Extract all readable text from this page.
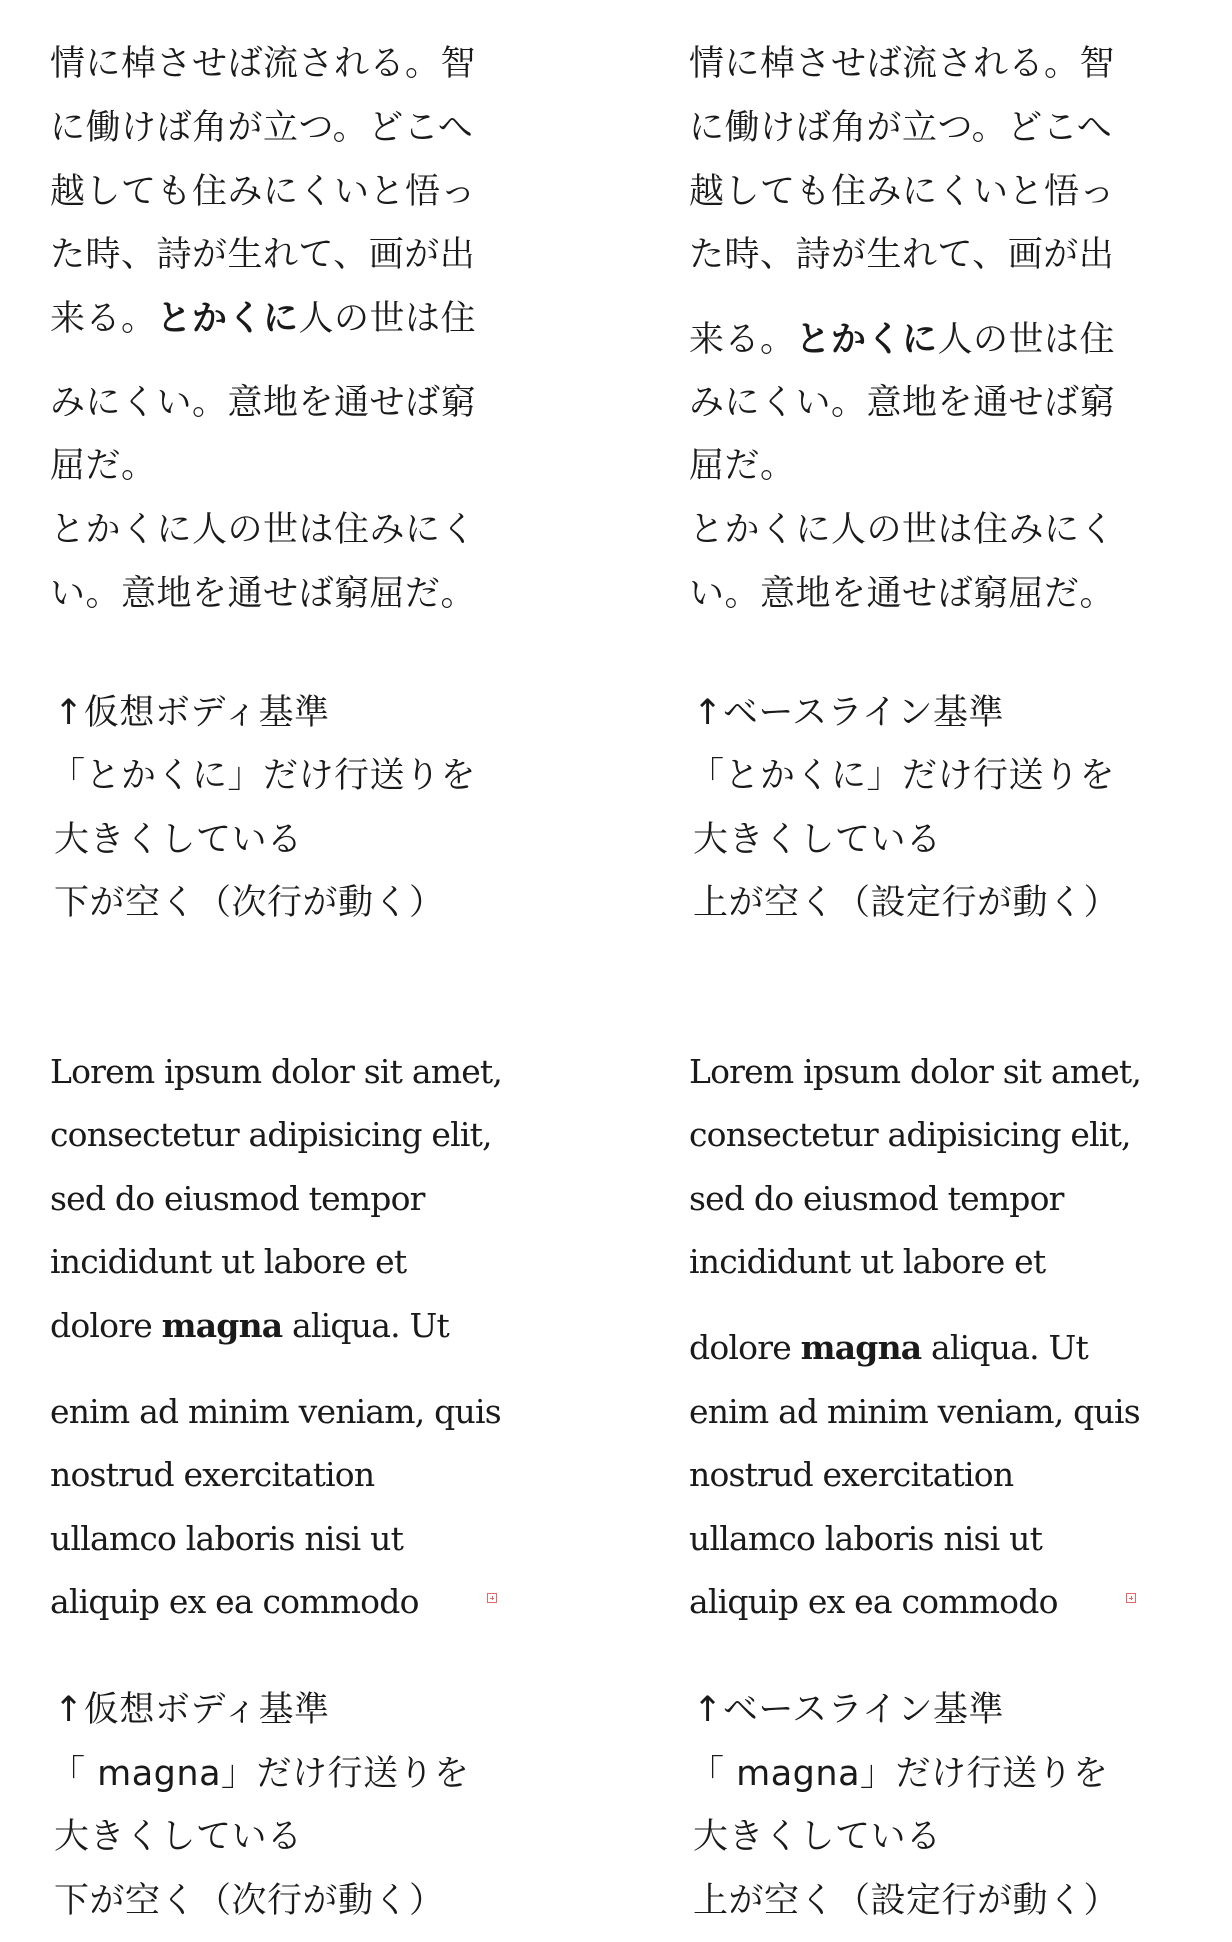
情に棹させば流される。智
に働けば角が立つ。どこへ
越しても住みにくいと悟っ
た時、詩が生れて、画が出
来る。とかくに人の世は住
みにくい。意地を通せば窮
屈だ。
とかくに人の世は住みにく
い。意地を通せば窮屈だ。
↑仮想ボディ基準
「とかくに」だけ行送りを
大きくしている
下が空く（次行が動く）
Lorem ipsum dolor sit amet,
consectetur adipisicing elit,
sed do eiusmod tempor
incididunt ut labore et
dolore magna aliqua. Ut
enim ad minim veniam, quis
nostrud exercitation
ullamco laboris nisi ut
aliquip ex ea commodo
↑仮想ボディ基準
「 magna」だけ行送りを
大きくしている
下が空く（次行が動く）
情に棹させば流される。智
に働けば角が立つ。どこへ
越しても住みにくいと悟っ
た時、詩が生れて、画が出
来る。とかくに人の世は住
みにくい。意地を通せば窮
屈だ。
とかくに人の世は住みにく
い。意地を通せば窮屈だ。
↑ベースライン基準
「とかくに」だけ行送りを
大きくしている
上が空く（設定行が動く）
Lorem ipsum dolor sit amet,
consectetur adipisicing elit,
sed do eiusmod tempor
incididunt ut labore et
dolore magna aliqua. Ut
enim ad minim veniam, quis
nostrud exercitation
ullamco laboris nisi ut
aliquip ex ea commodo
↑ベースライン基準
「 magna」だけ行送りを
大きくしている
上が空く（設定行が動く）
